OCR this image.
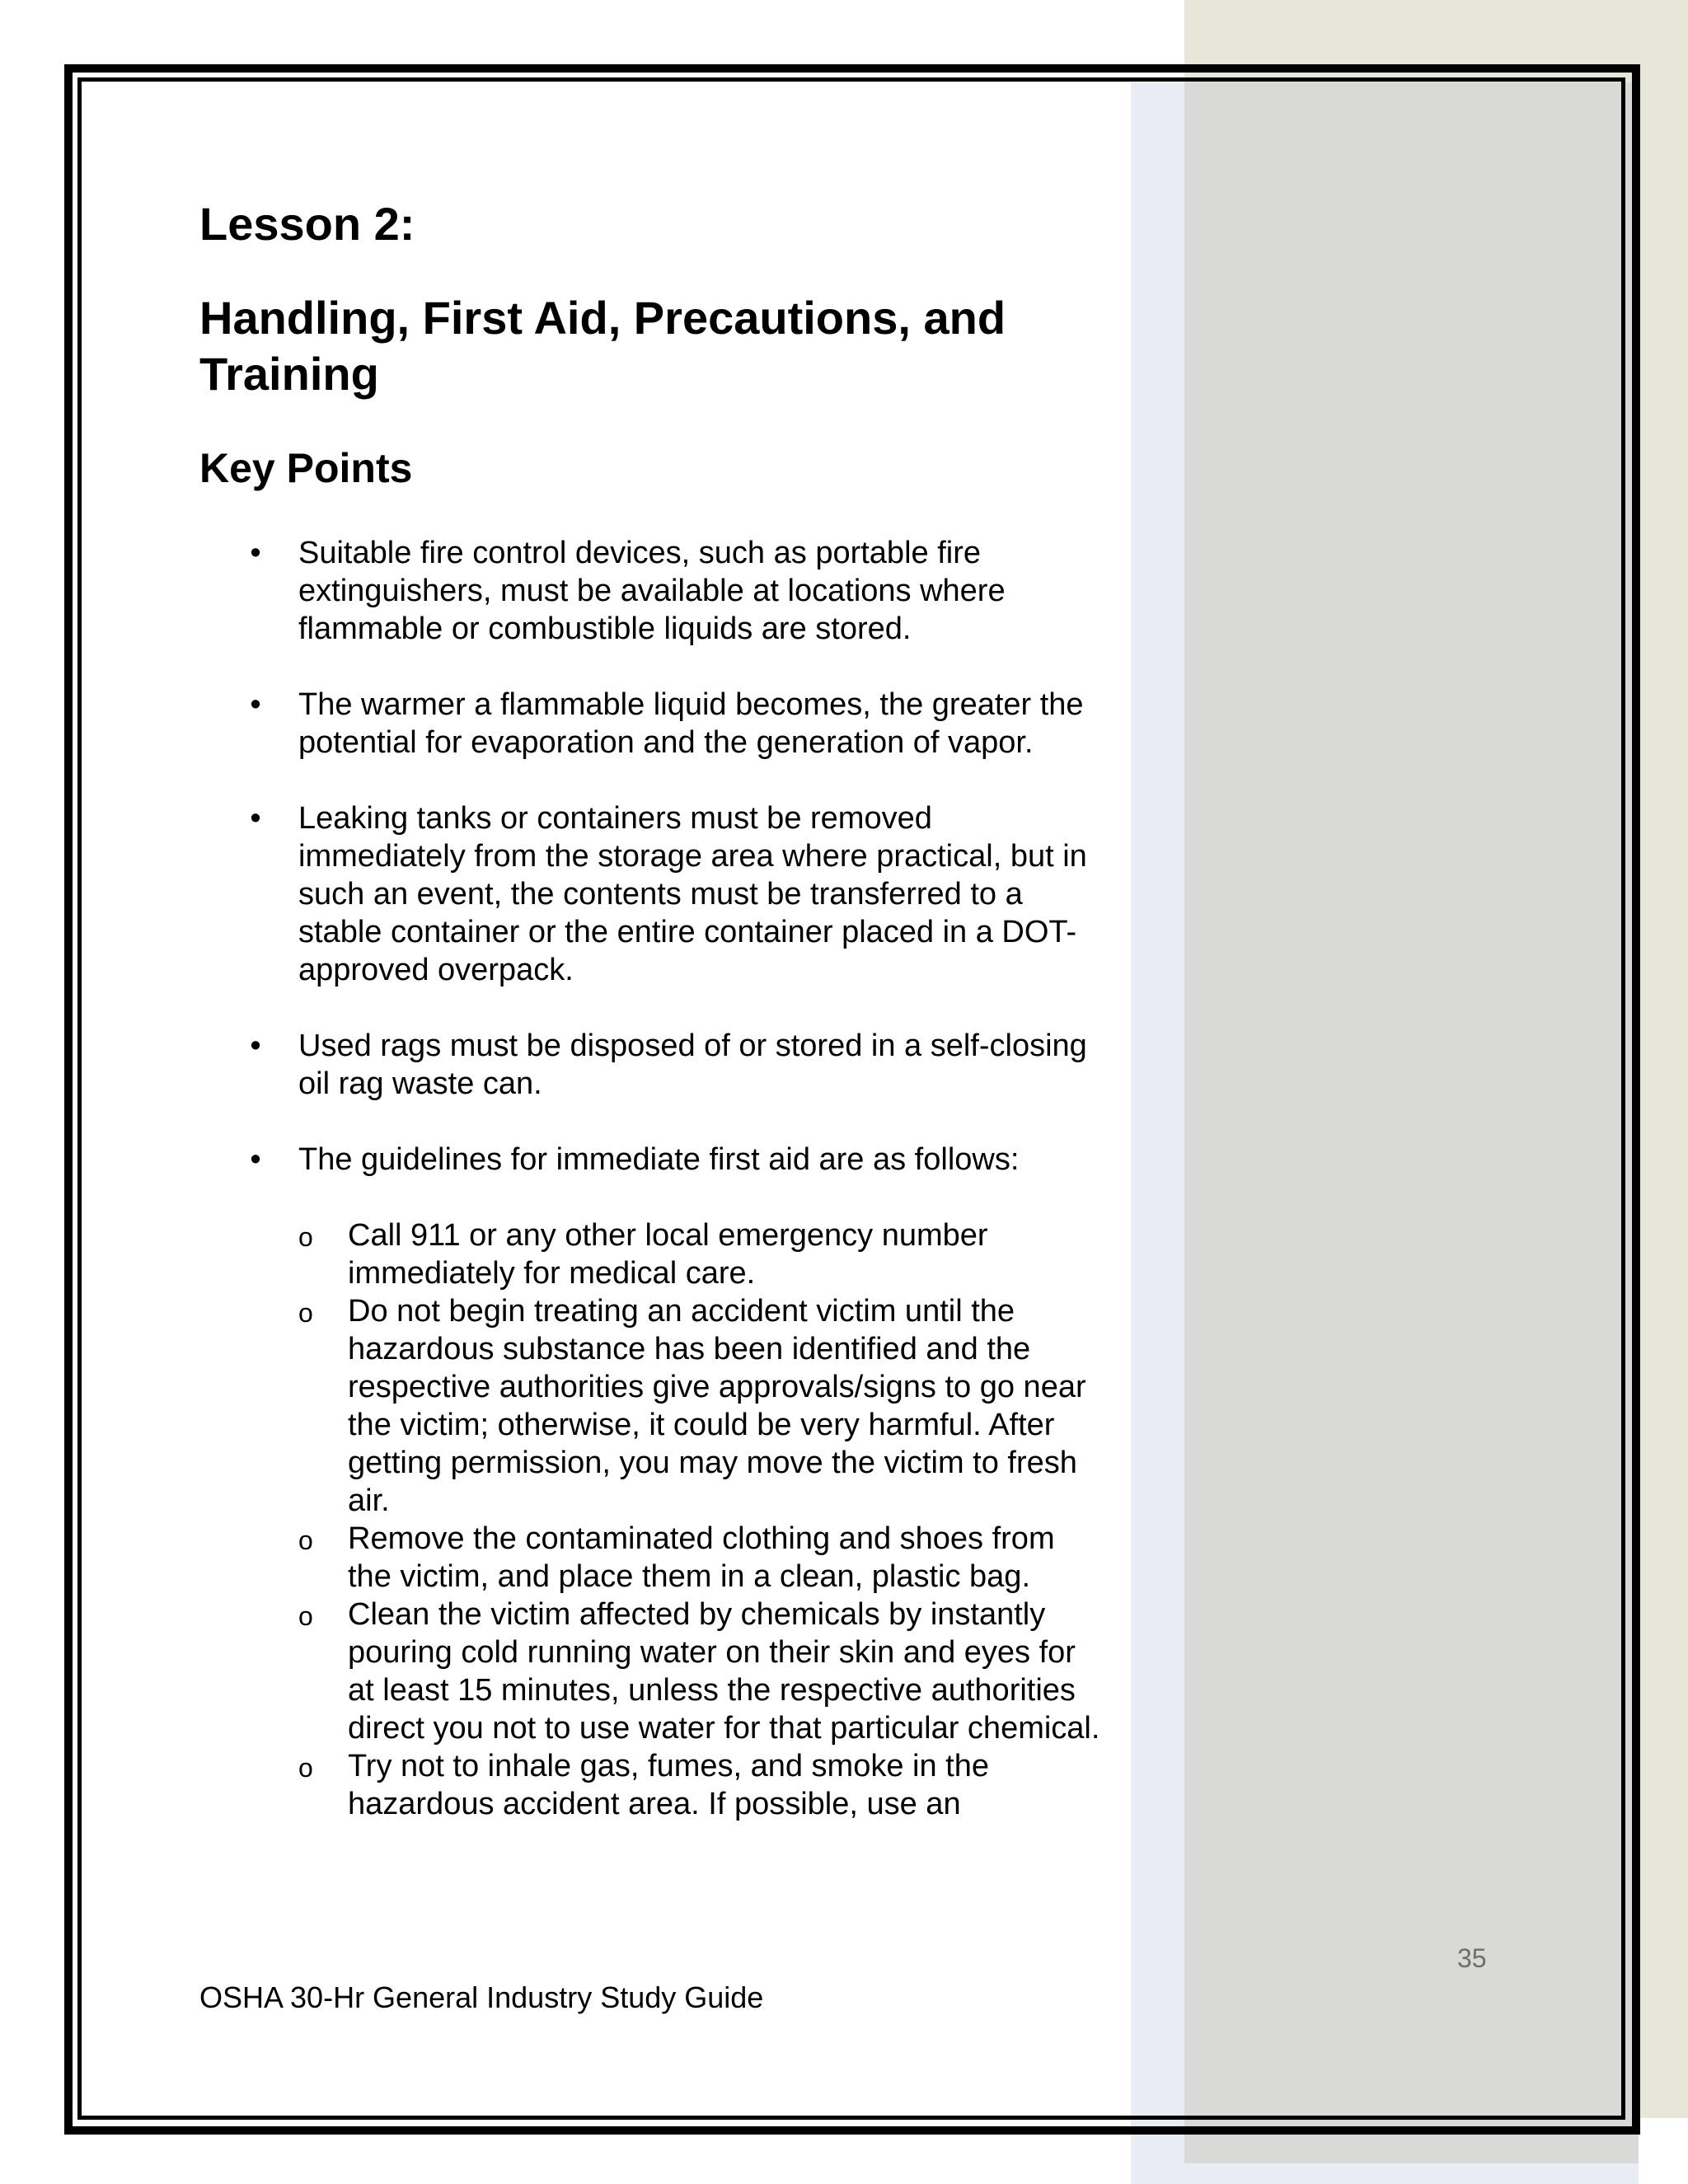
Lesson 2:
Handling, First Aid, Precautions, and Training
Key Points
• Suitable fire control devices, such as portable fire extinguishers, must be available at locations where flammable or combustible liquids are stored.
• The warmer a flammable liquid becomes, the greater the potential for evaporation and the generation of vapor.
• Leaking tanks or containers must be removed immediately from the storage area where practical, but in such an event, the contents must be transferred to a stable container or the entire container placed in a DOT-approved overpack.
• Used rags must be disposed of or stored in a self-closing oil rag waste can.
• The guidelines for immediate first aid are as follows:
o Call 911 or any other local emergency number immediately for medical care.
o Do not begin treating an accident victim until the hazardous substance has been identified and the respective authorities give approvals/signs to go near the victim; otherwise, it could be very harmful. After getting permission, you may move the victim to fresh air.
o Remove the contaminated clothing and shoes from the victim, and place them in a clean, plastic bag.
o Clean the victim affected by chemicals by instantly pouring cold running water on their skin and eyes for at least 15 minutes, unless the respective authorities direct you not to use water for that particular chemical.
o Try not to inhale gas, fumes, and smoke in the hazardous accident area. If possible, use an
35
OSHA 30-Hr General Industry Study Guide
